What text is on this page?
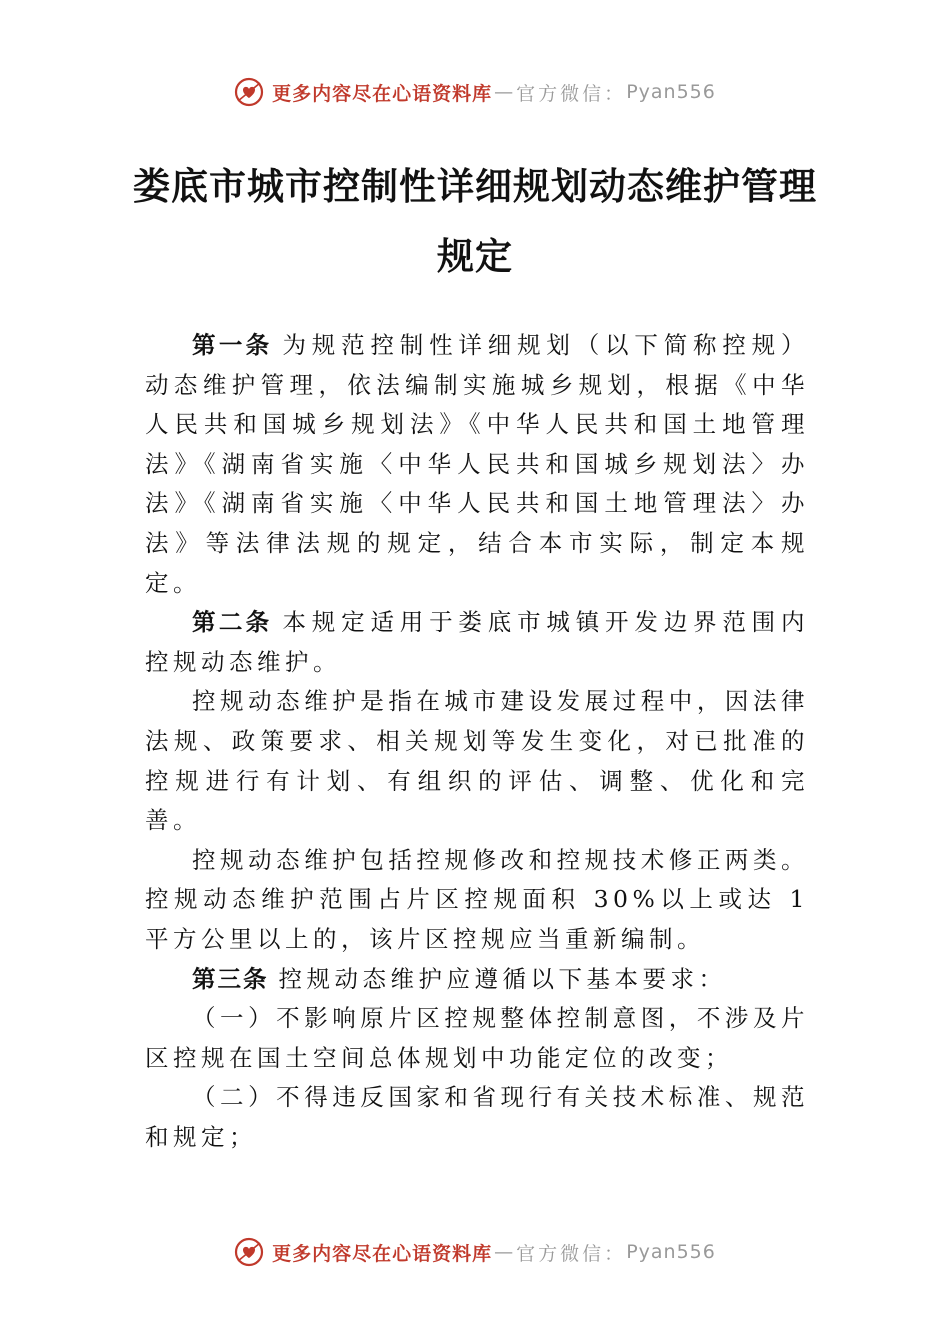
更多内容尽在心语资料库 — 官方微信： Pyan556
娄底市城市控制性详细规划动态维护管理
规定

第一条 为规范控制性详细规划（以下简称控规）动态维护管理，依法编制实施城乡规划，根据《中华人民共和国城乡规划法》《中华人民共和国土地管理法》《湖南省实施〈中华人民共和国城乡规划法〉办法》《湖南省实施〈中华人民共和国土地管理法〉办法》等法律法规的规定，结合本市实际，制定本规定。

第二条 本规定适用于娄底市城镇开发边界范围内控规动态维护。

控规动态维护是指在城市建设发展过程中，因法律法规、政策要求、相关规划等发生变化，对已批准的控规进行有计划、有组织的评估、调整、优化和完善。

控规动态维护包括控规修改和控规技术修正两类。控规动态维护范围占片区控规面积 30%以上或达 1 平方公里以上的，该片区控规应当重新编制。

第三条 控规动态维护应遵循以下基本要求：

（一）不影响原片区控规整体控制意图，不涉及片区控规在国土空间总体规划中功能定位的改变；

（二）不得违反国家和省现行有关技术标准、规范和规定；

更多内容尽在心语资料库 — 官方微信： Pyan556
